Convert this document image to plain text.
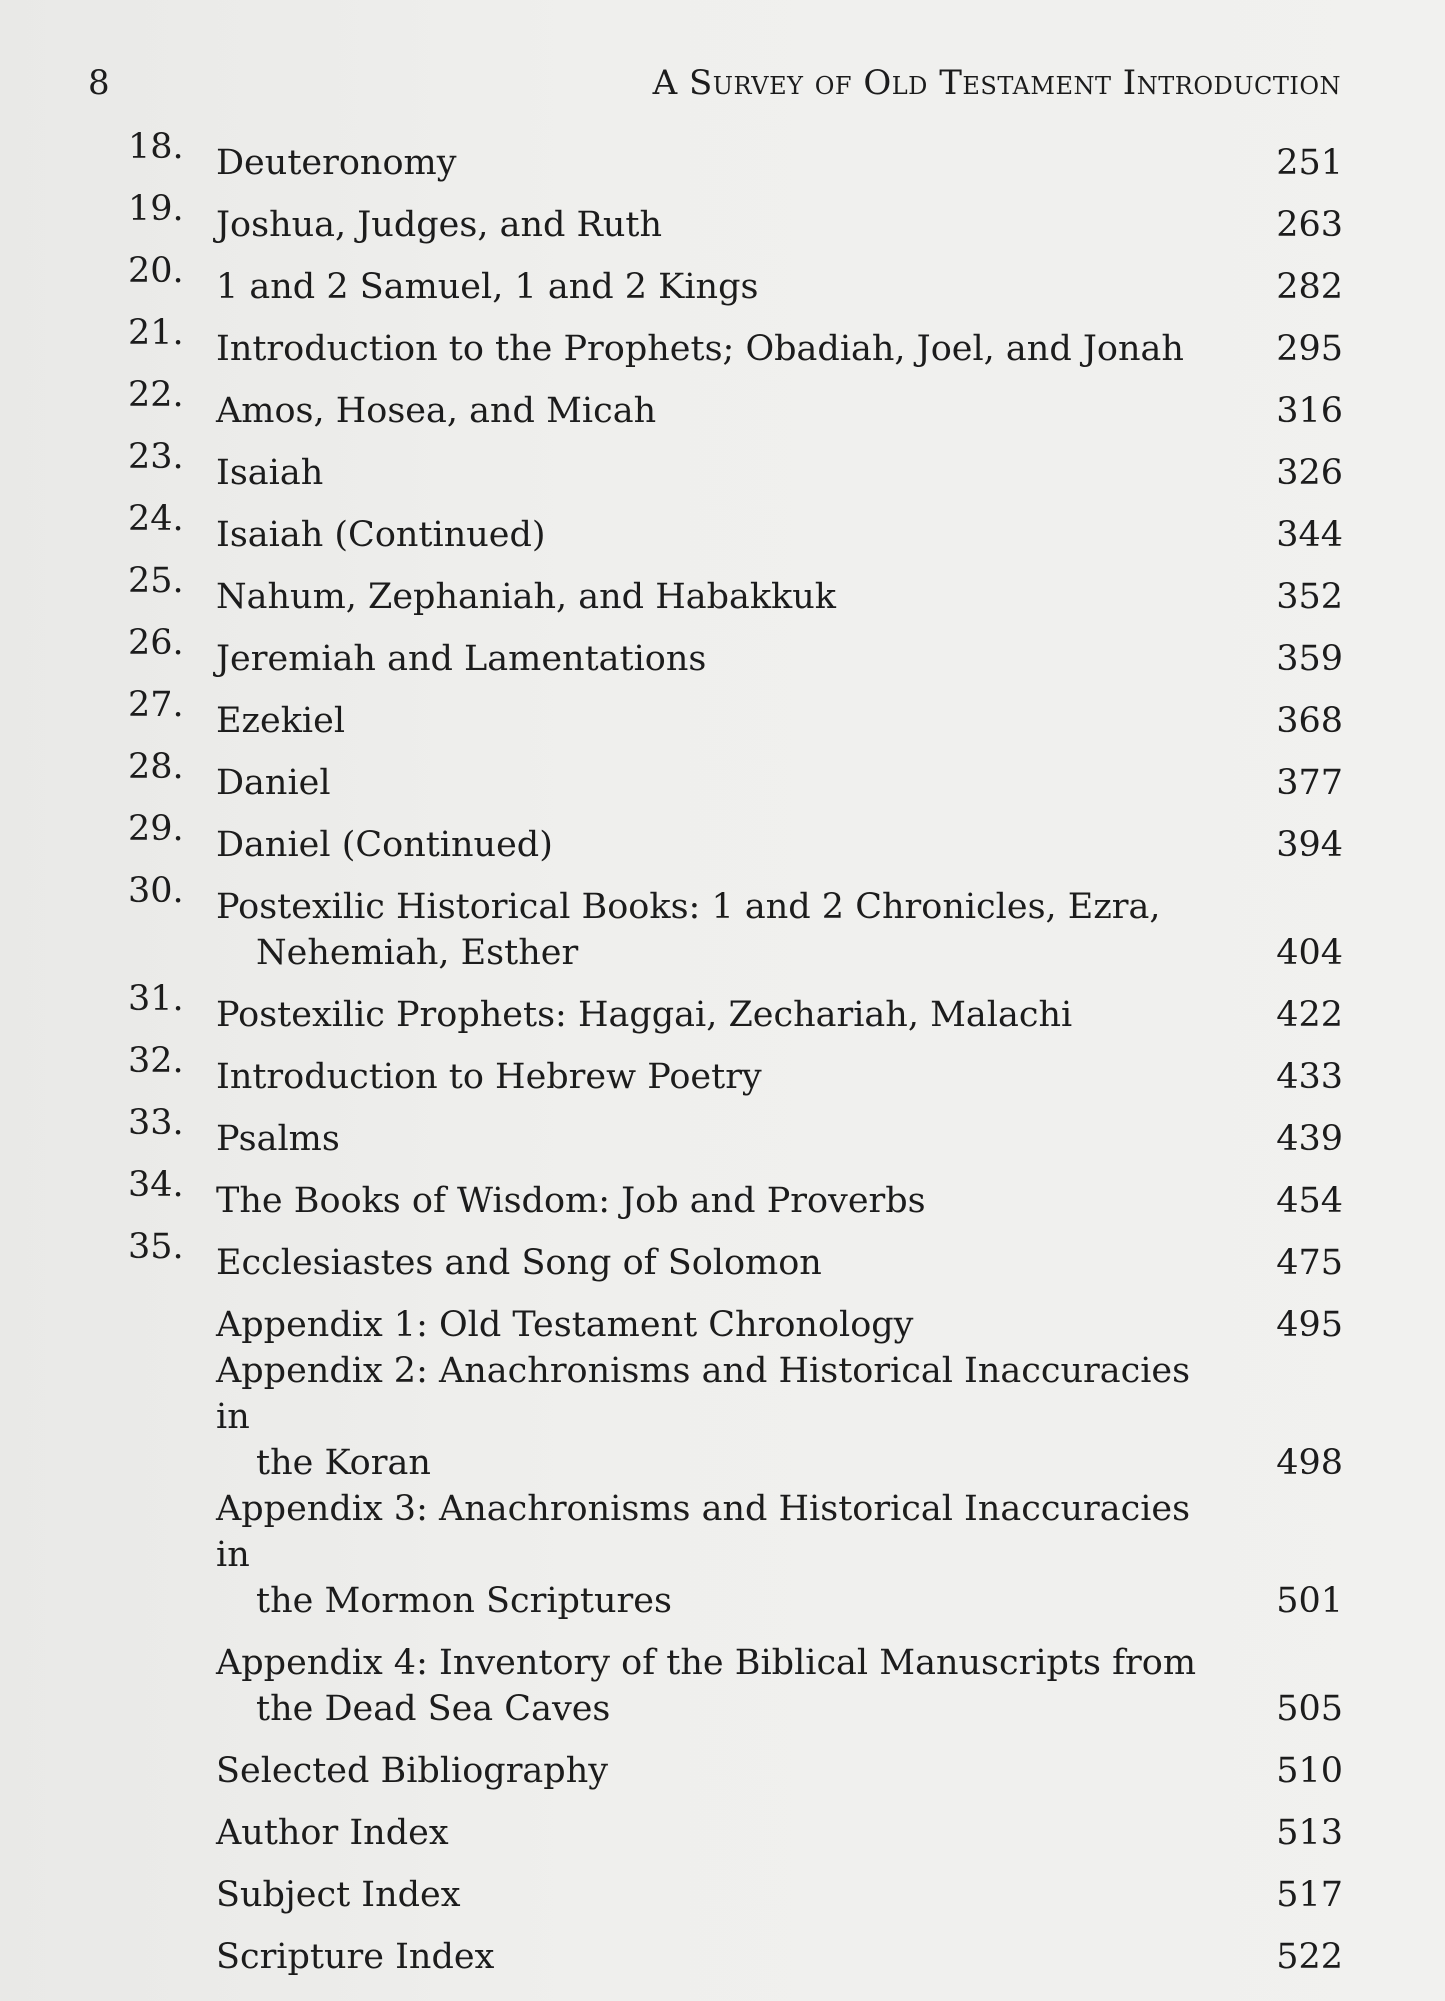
8	A Survey of Old Testament Introduction
18. Deuteronomy	251
19. Joshua, Judges, and Ruth	263
20. 1 and 2 Samuel, 1 and 2 Kings	282
21. Introduction to the Prophets; Obadiah, Joel, and Jonah	295
22. Amos, Hosea, and Micah	316
23. Isaiah	326
24. Isaiah (Continued)	344
25. Nahum, Zephaniah, and Habakkuk	352
26. Jeremiah and Lamentations	359
27. Ezekiel	368
28. Daniel	377
29. Daniel (Continued)	394
30. Postexilic Historical Books: 1 and 2 Chronicles, Ezra,
Nehemiah, Esther	404
31. Postexilic Prophets: Haggai, Zechariah, Malachi	422
32. Introduction to Hebrew Poetry	433
33. Psalms	439
34. The Books of Wisdom: Job and Proverbs	454
35. Ecclesiastes and Song of Solomon	475
Appendix 1: Old Testament Chronology	495
Appendix 2: Anachronisms and Historical Inaccuracies in
the Koran	498
Appendix 3: Anachronisms and Historical Inaccuracies in
the Mormon Scriptures	501
Appendix 4: Inventory of the Biblical Manuscripts from
the Dead Sea Caves	505
Selected Bibliography	510
Author Index	513
Subject Index	517
Scripture Index	522
